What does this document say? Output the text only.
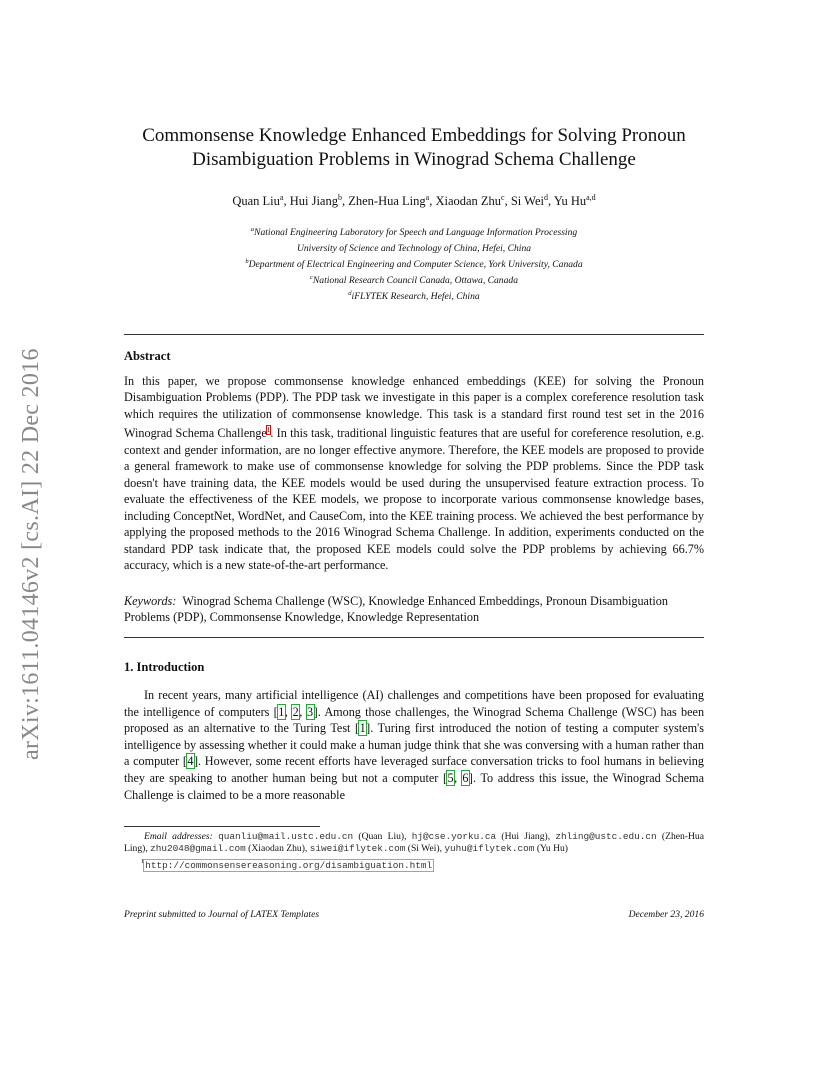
arXiv:1611.04146v2 [cs.AI] 22 Dec 2016
Commonsense Knowledge Enhanced Embeddings for Solving Pronoun
Disambiguation Problems in Winograd Schema Challenge
Quan Liu$^a$, Hui Jiang$^b$, Zhen-Hua Ling$^a$, Xiaodan Zhu$^c$, Si Wei$^d$, Yu Hu$^{a,d}$
$^a$National Engineering Laboratory for Speech and Language Information Processing
University of Science and Technology of China, Hefei, China
$^b$Department of Electrical Engineering and Computer Science, York University, Canada
$^c$National Research Council Canada, Ottawa, Canada
$^d$iFLYTEK Research, Hefei, China
Abstract
In this paper, we propose commonsense knowledge enhanced embeddings (KEE) for solving the Pronoun Disambiguation Problems (PDP). The PDP task we investigate in this paper is a complex coreference resolution task which requires the utilization of commonsense knowledge. This task is a standard first round test set in the 2016 Winograd Schema Challenge$^1$. In this task, traditional linguistic features that are useful for coreference resolution, e.g. context and gender information, are no longer effective anymore. Therefore, the KEE models are proposed to provide a general framework to make use of commonsense knowledge for solving the PDP problems. Since the PDP task doesn't have training data, the KEE models would be used during the unsupervised feature extraction process. To evaluate the effectiveness of the KEE models, we propose to incorporate various commonsense knowledge bases, including ConceptNet, WordNet, and CauseCom, into the KEE training process. We achieved the best performance by applying the proposed methods to the 2016 Winograd Schema Challenge. In addition, experiments conducted on the standard PDP task indicate that, the proposed KEE models could solve the PDP problems by achieving 66.7% accuracy, which is a new state-of-the-art performance.
Keywords: Winograd Schema Challenge (WSC), Knowledge Enhanced Embeddings, Pronoun Disambiguation Problems (PDP), Commonsense Knowledge, Knowledge Representation
1. Introduction
In recent years, many artificial intelligence (AI) challenges and competitions have been proposed for evaluating the intelligence of computers [1, 2, 3]. Among those challenges, the Winograd Schema Challenge (WSC) has been proposed as an alternative to the Turing Test [1]. Turing first introduced the notion of testing a computer system's intelligence by assessing whether it could make a human judge think that she was conversing with a human rather than a computer [4]. However, some recent efforts have leveraged surface conversation tricks to fool humans in believing they are speaking to another human being but not a computer [5, 6]. To address this issue, the Winograd Schema Challenge is claimed to be a more reasonable
Email addresses: quanliu@mail.ustc.edu.cn (Quan Liu), hj@cse.yorku.ca (Hui Jiang), zhling@ustc.edu.cn (Zhen-Hua Ling), zhu2048@gmail.com (Xiaodan Zhu), siwei@iflytek.com (Si Wei), yuhu@iflytek.com (Yu Hu)
$^1$http://commonsensereasoning.org/disambiguation.html
Preprint submitted to Journal of LATEX Templates	December 23, 2016
